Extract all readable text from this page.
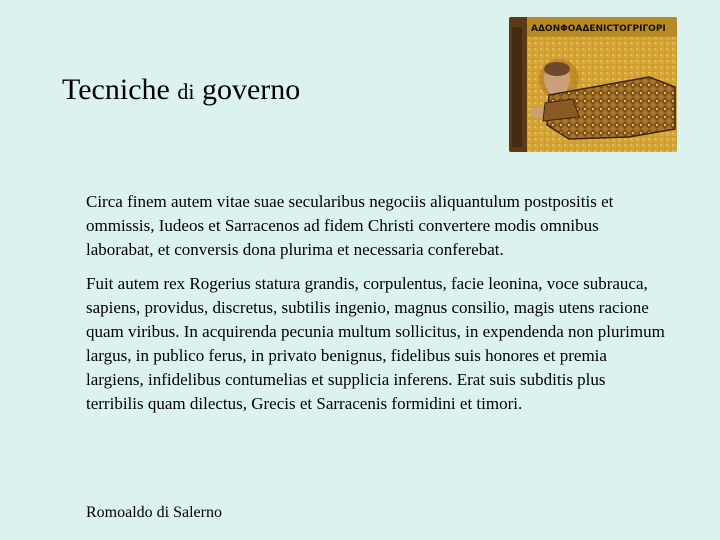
Tecniche di governo
ΑΔΟΝΦΟΑΔΕΝΙCΤΟΓΡΙΓΟΡΙ

Circa finem autem vitae suae secularibus negociis aliquantulum postpositis et ommissis, Iudeos et Sarracenos ad fidem Christi convertere modis omnibus laborabat, et conversis dona plurima et necessaria conferebat.

Fuit autem rex Rogerius statura grandis, corpulentus, facie leonina, voce subrauca, sapiens, providus, discretus, subtilis ingenio, magnus consilio, magis utens racione quam viribus. In acquirenda pecunia multum sollicitus, in expendenda non plurimum largus, in publico ferus, in privato benignus, fidelibus suis honores et premia largiens, infidelibus contumelias et supplicia inferens. Erat suis subditis plus terribilis quam dilectus, Grecis et Sarracenis formidini et timori.

Romoaldo di Salerno
